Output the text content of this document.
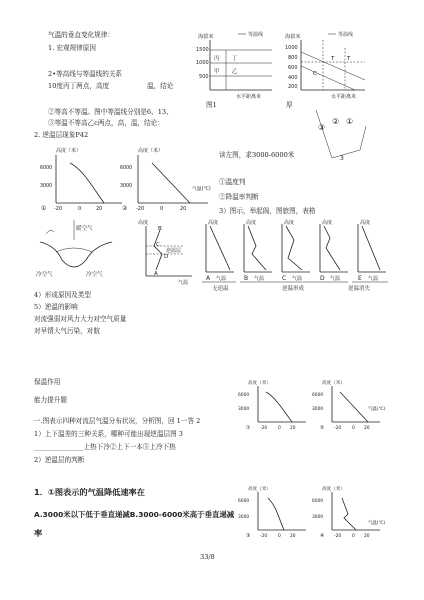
气温的垂直变化规律：
1. 宏观规律原因
2•等高线与等温线的关系
10度丙丁两点，高度	温，结论
②等高不等温。图中等温线分别是6、13、
③等温不等高乙c两点，高，温，结论：
2. 逆温层现象P42
海拔米	等温线
1500
1000
500
丙 丁
甲 乙
水平距离米
图1
海拔米	等温线
1000
800
600
400
200
C
T T
水平距离米
厚
高度（米）
6000
3000
-20	0	20
①
高度（米）
6000
3000
-20	0	20
气温(℃)
②
读左图，求3000-6000米
①温度判
②降温率判断
3）图示，举起阁，图旅图，表格
③
② ①
3
暖空气
冷空气	冷空气
高度
逆温层
B
C
D
A
气温
高度
A 气温
高度
B 气温
高度
C 气温
高度
D 气温
高度
E 气温
无逆温	逆温形成	逆温消失
4）形成原因及类型
5）逆温的影响
对流强弱对风力大力对空气质量
对早情大气污染，对航
保温作用
能力提升题
一.图表示四种对流层气温分布状况，分析图，回 1一答 2
1）上下温差的三种关系，哪种可能出现逆温层图 3
_______________上热下冷②上下一本⑤上冷下热
2）逆温层的判断
高度（米）
6000
3000
-20 0 20
①
高度（米）
6000
3000
-20 0 20
气温(℃)
②
高度（米）
6000
3000
-20 0 20
③
高度（米）
6000
3000
-20 0 20
气温(℃)
④
1．①图表示的气温降低速率在
A.3000米以下低于垂直递减B.3000-6000米高于垂直递减
率
33/8
